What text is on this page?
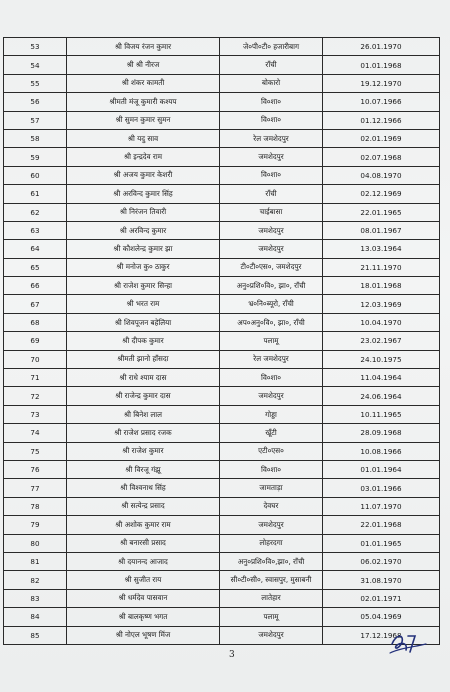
53	श्री विजय रंजन कुमार	जे०पी०टी० हजारीबाग	26.01.1970
54	श्री श्री नीरज	राँची	01.01.1968
55	श्री शंकर कामती	बोकारो	19.12.1970
56	श्रीमती मंजू कुमारी कश्यप	वि०शा०	10.07.1966
57	श्री सुमन कुमार सुमन	वि०शा०	01.12.1966
58	श्री यदु साव	रेल जमशेदपुर	02.01.1969
59	श्री इन्द्रदेव राम	जमशेदपुर	02.07.1968
60	श्री अजय कुमार केशरी	वि०शा०	04.08.1970
61	श्री अरविन्द कुमार सिंह	राँची	02.12.1969
62	श्री निरंजन तिवारी	चाईबासा	22.01.1965
63	श्री अरविन्द कुमार	जमशेदपुर	08.01.1967
64	श्री कौशलेन्द्र कुमार झा	जमशेदपुर	13.03.1964
65	श्री मनोज कु० ठाकुर	टी०टी०एस०, जमशेदपुर	21.11.1970
66	श्री राजेश कुमार सिन्हा	अनु०प्रशि०वि०, झा०, राँची	18.01.1968
67	श्री भरत राम	भ्र०नि०ब्यूरो, राँची	12.03.1969
68	श्री शिवपूजन बहेलिया	अप०अनु०वि०, झा०, राँची	10.04.1970
69	श्री दीपक कुमार	पलामू	23.02.1967
70	श्रीमती झानो हाँसदा	रेल जमशेदपुर	24.10.1975
71	श्री राधे श्याम दास	वि०शा०	11.04.1964
72	श्री राजेन्द्र कुमार दास	जमशेदपुर	24.06.1964
73	श्री बिनेश लाल	गोड्डा	10.11.1965
74	श्री राजेश प्रसाद रजक	खूँटी	28.09.1968
75	श्री राजेश कुमार	एटी०एस०	10.08.1966
76	श्री विरजू गंझू	वि०शा०	01.01.1964
77	श्री विश्वनाथ सिंह	जामताड़ा	03.01.1966
78	श्री सत्येन्द्र प्रसाद	देवघर	11.07.1970
79	श्री अशोक कुमार राम	जमशेदपुर	22.01.1968
80	श्री बनारसी प्रसाद	लोहरदगा	01.01.1965
81	श्री दयानन्द आजाद	अनु०प्रशि०वि०,झा०, राँची	06.02.1970
82	श्री सुजीत राय	सी०टी०सी०, स्वासपुर, मुसाबनी	31.08.1970
83	श्री धर्मदेव पासवान	लातेहार	02.01.1971
84	श्री बालकृष्ण भगत	पलामू	05.04.1969
85	श्री नोएल भूषण मिंज	जमशेदपुर	17.12.1968
3
